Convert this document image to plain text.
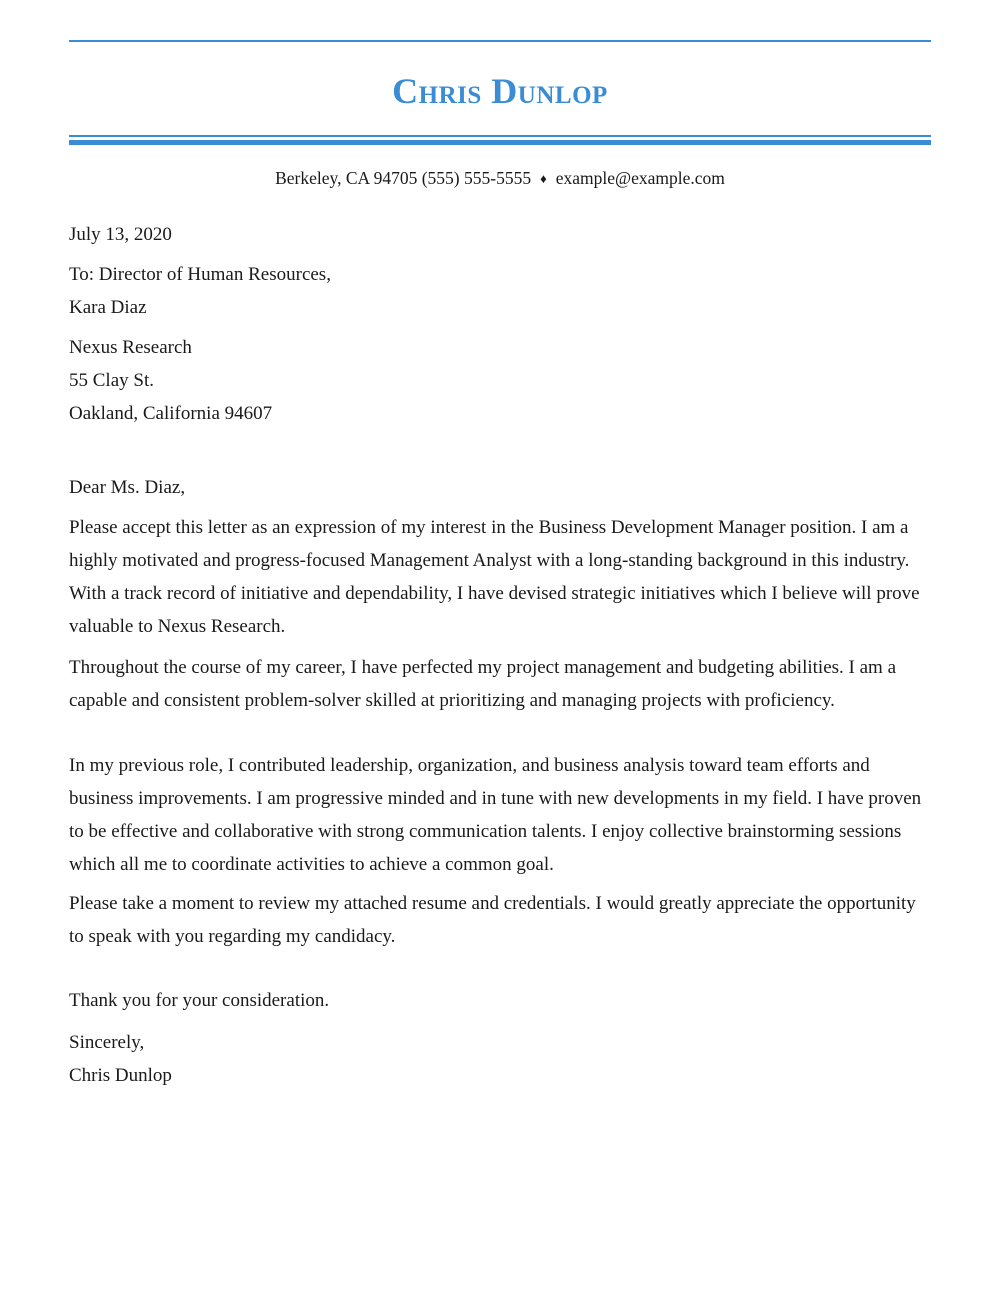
Chris Dunlop
Berkeley, CA 94705 (555) 555-5555 ♦ example@example.com
July 13, 2020
To: Director of Human Resources,
Kara Diaz
Nexus Research
55 Clay St.
Oakland, California 94607
Dear Ms. Diaz,
Please accept this letter as an expression of my interest in the Business Development Manager position. I am a highly motivated and progress-focused Management Analyst with a long-standing background in this industry. With a track record of initiative and dependability, I have devised strategic initiatives which I believe will prove valuable to Nexus Research.
Throughout the course of my career, I have perfected my project management and budgeting abilities. I am a capable and consistent problem-solver skilled at prioritizing and managing projects with proficiency.
In my previous role, I contributed leadership, organization, and business analysis toward team efforts and business improvements. I am progressive minded and in tune with new developments in my field. I have proven to be effective and collaborative with strong communication talents. I enjoy collective brainstorming sessions which all me to coordinate activities to achieve a common goal.
Please take a moment to review my attached resume and credentials. I would greatly appreciate the opportunity to speak with you regarding my candidacy.
Thank you for your consideration.
Sincerely,
Chris Dunlop
